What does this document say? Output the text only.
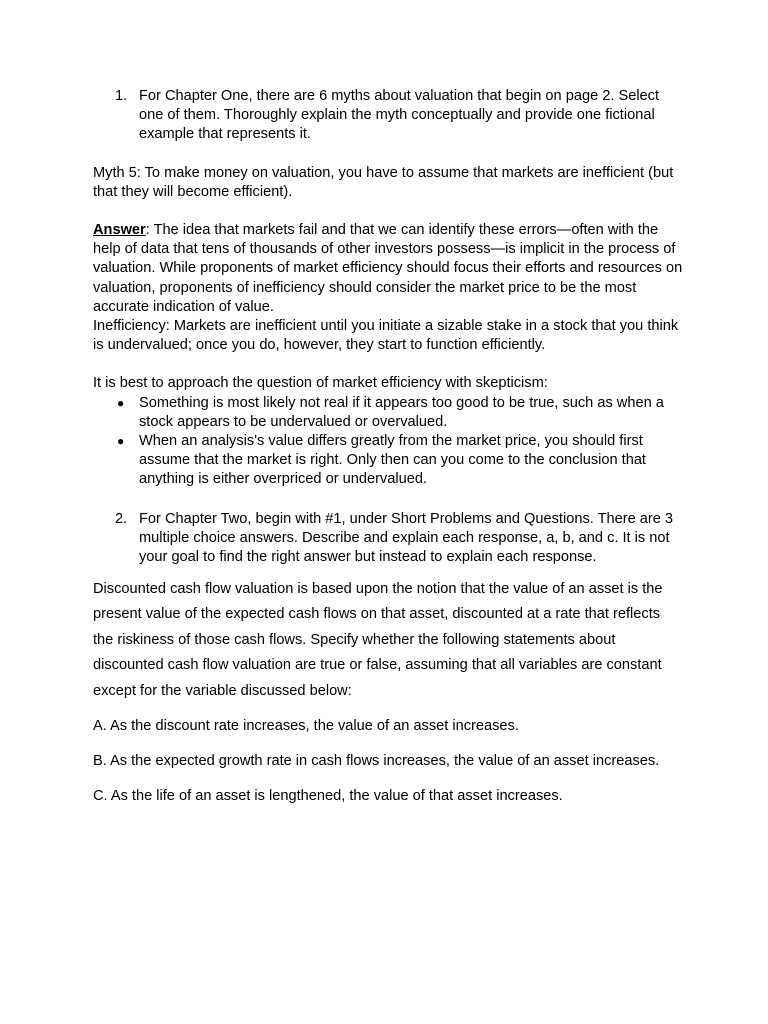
1. For Chapter One, there are 6 myths about valuation that begin on page 2. Select one of them. Thoroughly explain the myth conceptually and provide one fictional example that represents it.

Myth 5: To make money on valuation, you have to assume that markets are inefficient (but that they will become efficient).

Answer: The idea that markets fail and that we can identify these errors—often with the help of data that tens of thousands of other investors possess—is implicit in the process of valuation. While proponents of market efficiency should focus their efforts and resources on valuation, proponents of inefficiency should consider the market price to be the most accurate indication of value.

Inefficiency: Markets are inefficient until you initiate a sizable stake in a stock that you think is undervalued; once you do, however, they start to function efficiently.

It is best to approach the question of market efficiency with skepticism:

● Something is most likely not real if it appears too good to be true, such as when a stock appears to be undervalued or overvalued.
● When an analysis's value differs greatly from the market price, you should first assume that the market is right. Only then can you come to the conclusion that anything is either overpriced or undervalued.
2. For Chapter Two, begin with #1, under Short Problems and Questions. There are 3 multiple choice answers. Describe and explain each response, a, b, and c. It is not your goal to find the right answer but instead to explain each response.

Discounted cash flow valuation is based upon the notion that the value of an asset is the present value of the expected cash flows on that asset, discounted at a rate that reflects the riskiness of those cash flows. Specify whether the following statements about discounted cash flow valuation are true or false, assuming that all variables are constant except for the variable discussed below:

A. As the discount rate increases, the value of an asset increases.

B. As the expected growth rate in cash flows increases, the value of an asset increases.

C. As the life of an asset is lengthened, the value of that asset increases.
